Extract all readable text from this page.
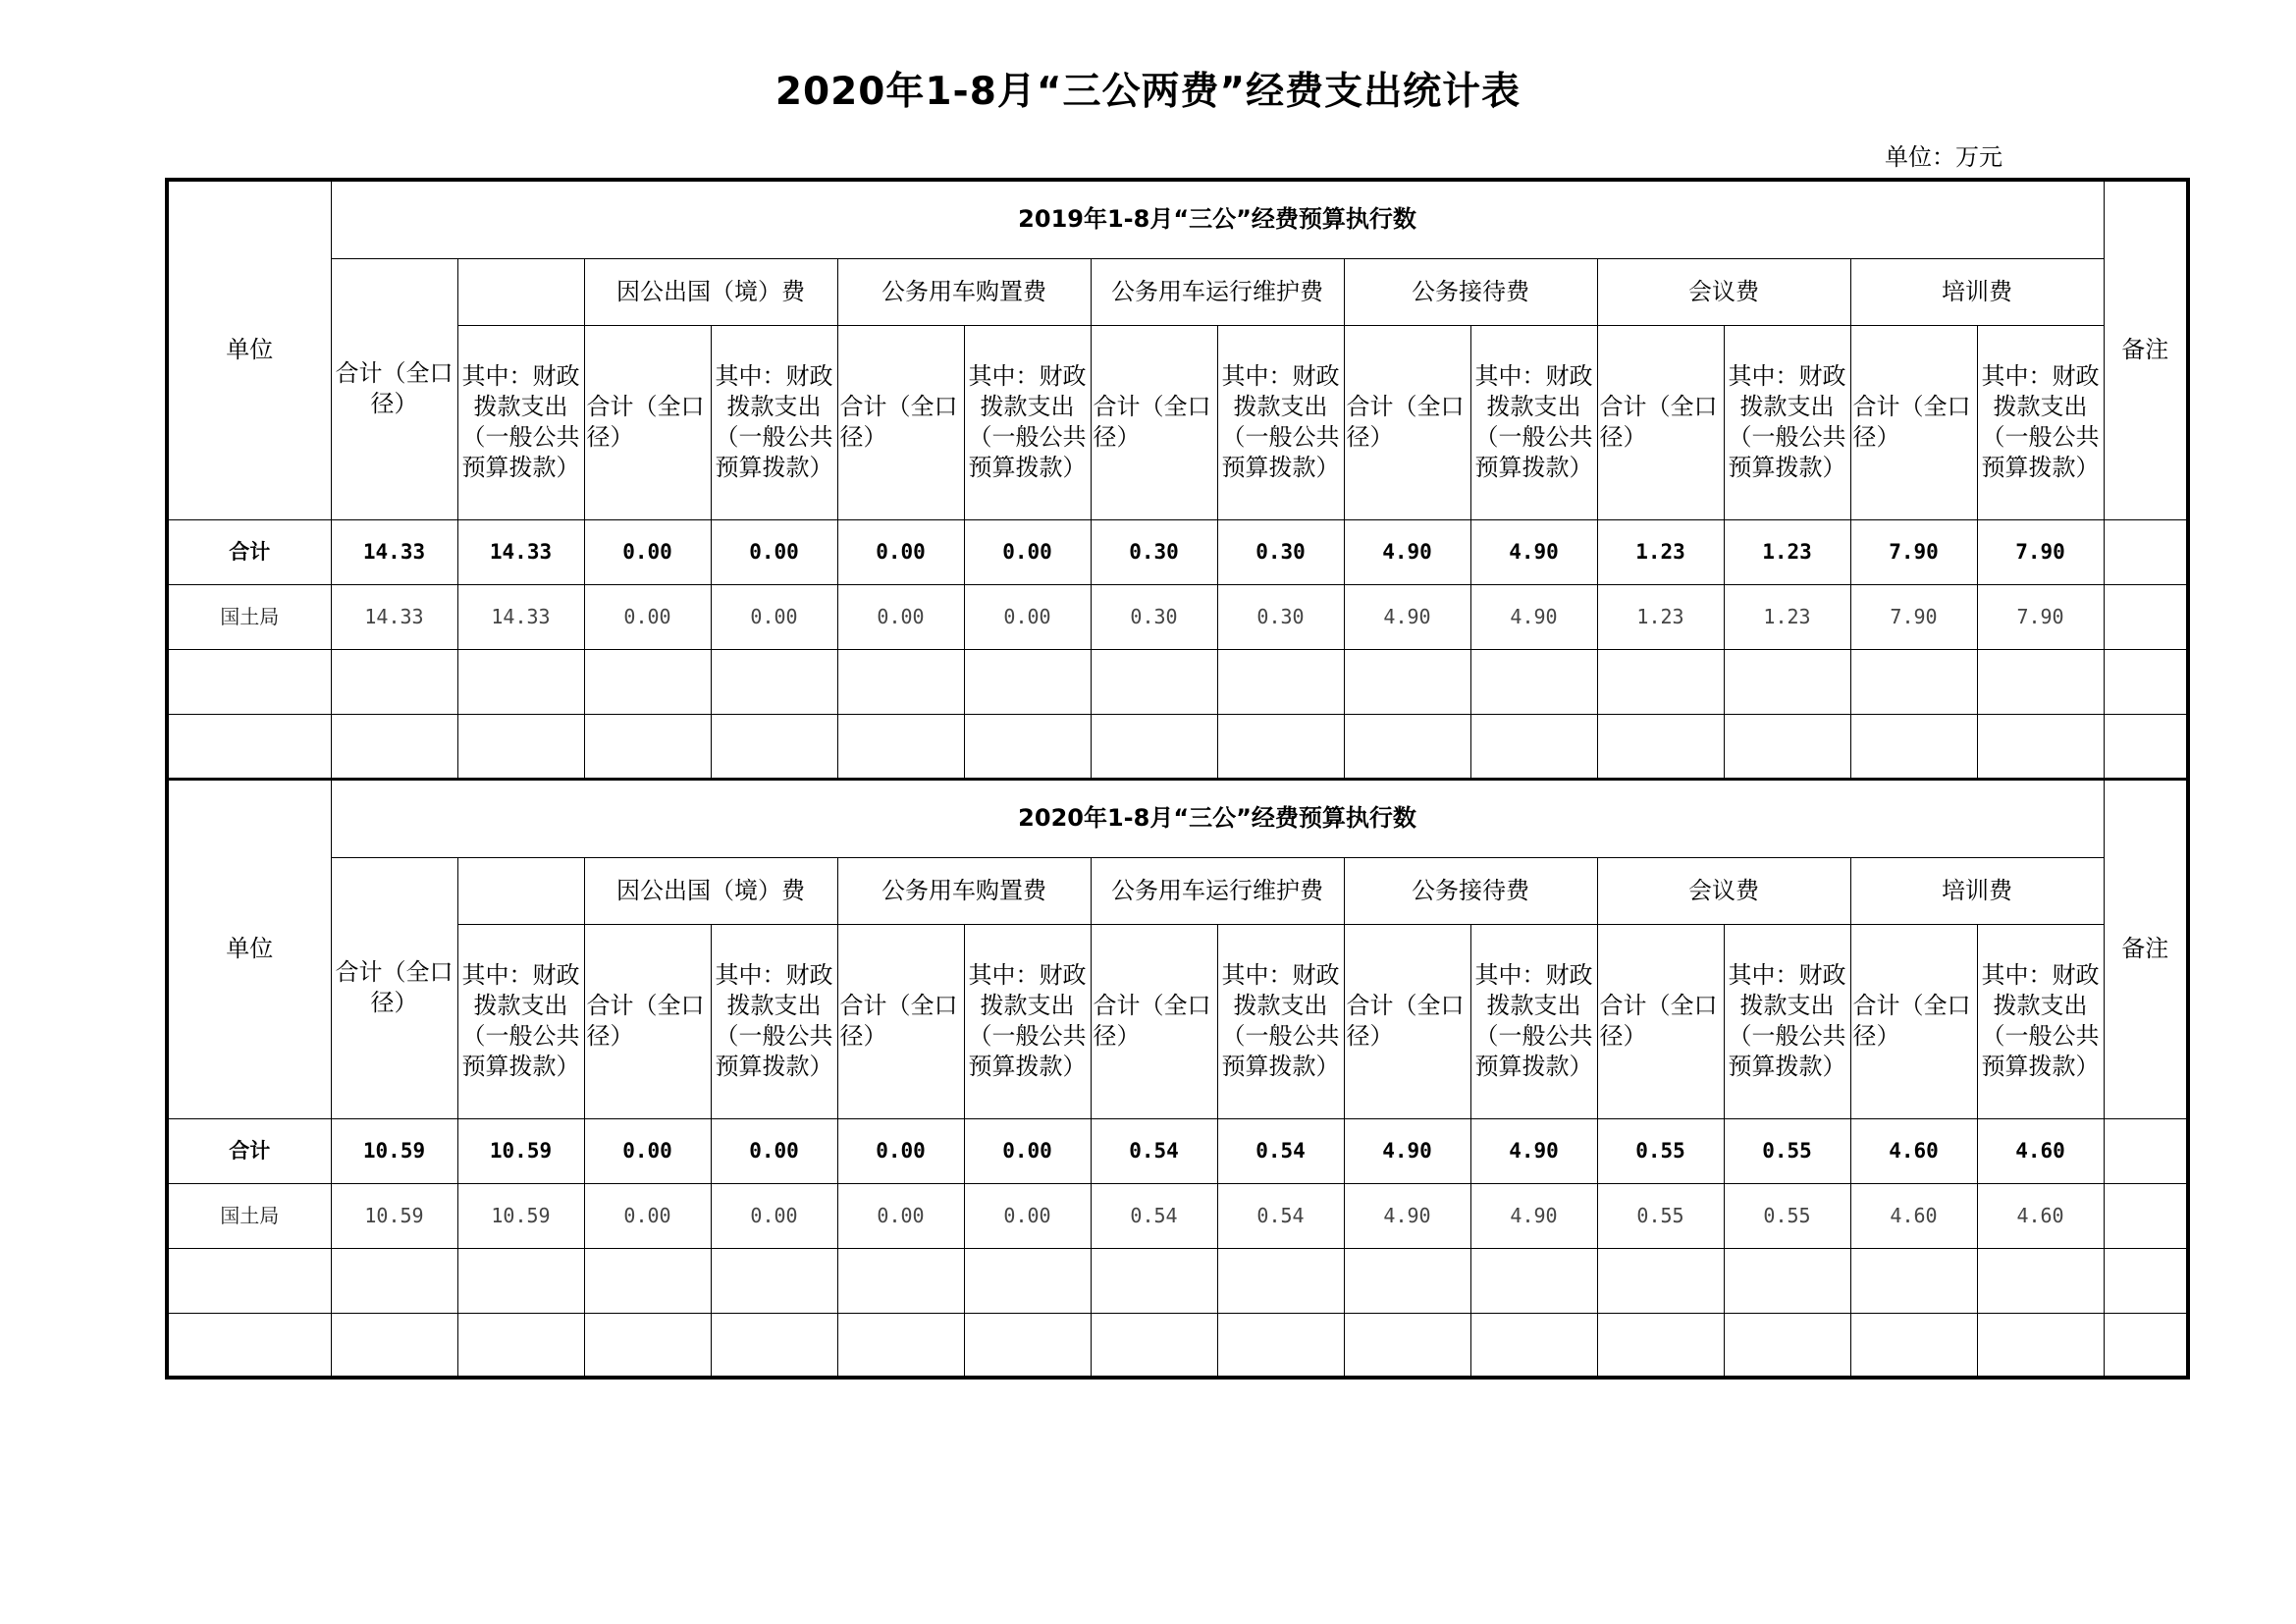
2020年1-8月“三公两费”经费支出统计表
单位：万元
单位	2019年1-8月“三公”经费预算执行数														备注
	合计（全口径）		因公出国（境）费		公务用车购置费		公务用车运行维护费		公务接待费		会议费		培训费		
		其中：财政拨款支出（一般公共预算拨款）	合计（全口径）	其中：财政拨款支出（一般公共预算拨款）	合计（全口径）	其中：财政拨款支出（一般公共预算拨款）	合计（全口径）	其中：财政拨款支出（一般公共预算拨款）	合计（全口径）	其中：财政拨款支出（一般公共预算拨款）	合计（全口径）	其中：财政拨款支出（一般公共预算拨款）	合计（全口径）	其中：财政拨款支出（一般公共预算拨款）	
合计	14.33	14.33	0.00	0.00	0.00	0.00	0.30	0.30	4.90	4.90	1.23	1.23	7.90	7.90	
国土局	14.33	14.33	0.00	0.00	0.00	0.00	0.30	0.30	4.90	4.90	1.23	1.23	7.90	7.90	

单位	2020年1-8月“三公”经费预算执行数														备注
	合计（全口径）		因公出国（境）费		公务用车购置费		公务用车运行维护费		公务接待费		会议费		培训费		
		其中：财政拨款支出（一般公共预算拨款）	合计（全口径）	其中：财政拨款支出（一般公共预算拨款）	合计（全口径）	其中：财政拨款支出（一般公共预算拨款）	合计（全口径）	其中：财政拨款支出（一般公共预算拨款）	合计（全口径）	其中：财政拨款支出（一般公共预算拨款）	合计（全口径）	其中：财政拨款支出（一般公共预算拨款）	合计（全口径）	其中：财政拨款支出（一般公共预算拨款）	
合计	10.59	10.59	0.00	0.00	0.00	0.00	0.54	0.54	4.90	4.90	0.55	0.55	4.60	4.60	
国土局	10.59	10.59	0.00	0.00	0.00	0.00	0.54	0.54	4.90	4.90	0.55	0.55	4.60	4.60	
